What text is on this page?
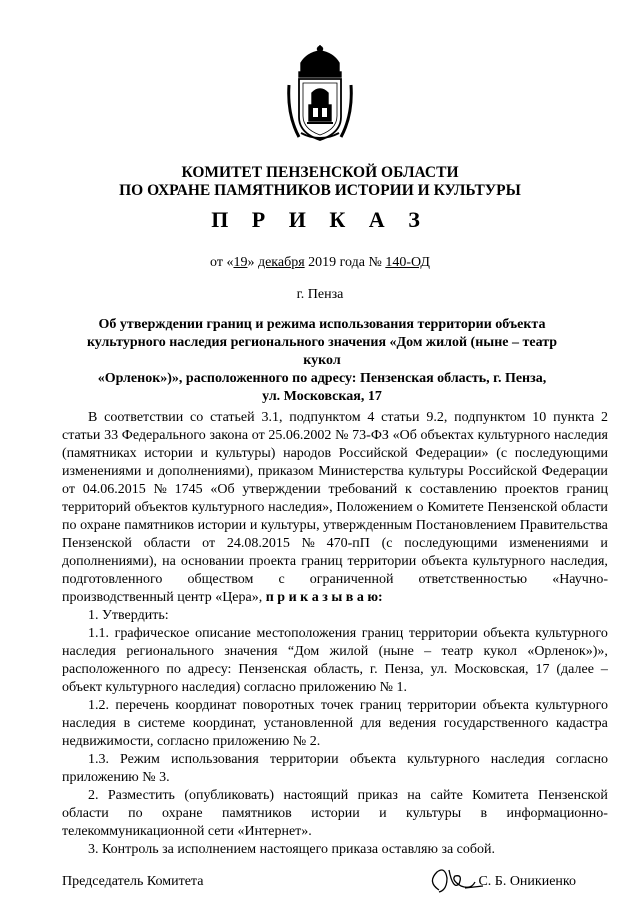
КОМИТЕТ ПЕНЗЕНСКОЙ ОБЛАСТИ
ПО ОХРАНЕ ПАМЯТНИКОВ ИСТОРИИ И КУЛЬТУРЫ
П Р И К А З
от «19» декабря 2019 года № 140-ОД
г. Пенза
Об утверждении границ и режима использования территории объекта
культурного наследия регионального значения «Дом жилой (ныне – театр кукол
«Орленок»)», расположенного по адресу: Пензенская область, г. Пенза,
ул. Московская, 17
В соответствии со статьей 3.1, подпунктом 4 статьи 9.2, подпунктом 10 пункта 2
статьи 33 Федерального закона от 25.06.2002 № 73-ФЗ «Об объектах культурного наследия
(памятниках истории и культуры) народов Российской Федерации» (с последующими
изменениями и дополнениями), приказом Министерства культуры Российской Федерации
от 04.06.2015 № 1745 «Об утверждении требований к составлению проектов границ
территорий объектов культурного наследия», Положением о Комитете Пензенской области
по охране памятников истории и культуры, утвержденным Постановлением Правительства
Пензенской области от 24.08.2015 № 470-пП (с последующими изменениями и
дополнениями), на основании проекта границ территории объекта культурного наследия,
подготовленного обществом с ограниченной ответственностью «Научно-
производственный центр «Цера», п р и к а з ы в а ю:
1. Утвердить:
1.1. графическое описание местоположения границ территории объекта культурного
наследия регионального значения “Дом жилой (ныне – театр кукол «Орленок»)»,
расположенного по адресу: Пензенская область, г. Пенза, ул. Московская, 17 (далее –
объект культурного наследия) согласно приложению № 1.
1.2. перечень координат поворотных точек границ территории объекта культурного
наследия в системе координат, установленной для ведения государственного кадастра
недвижимости, согласно приложению № 2.
1.3. Режим использования территории объекта культурного наследия согласно
приложению № 3.
2. Разместить (опубликовать) настоящий приказ на сайте Комитета Пензенской
области по охране памятников истории и культуры в информационно-
телекоммуникационной сети «Интернет».
3. Контроль за исполнением настоящего приказа оставляю за собой.
Председатель Комитета	С. Б. Оникиенко
